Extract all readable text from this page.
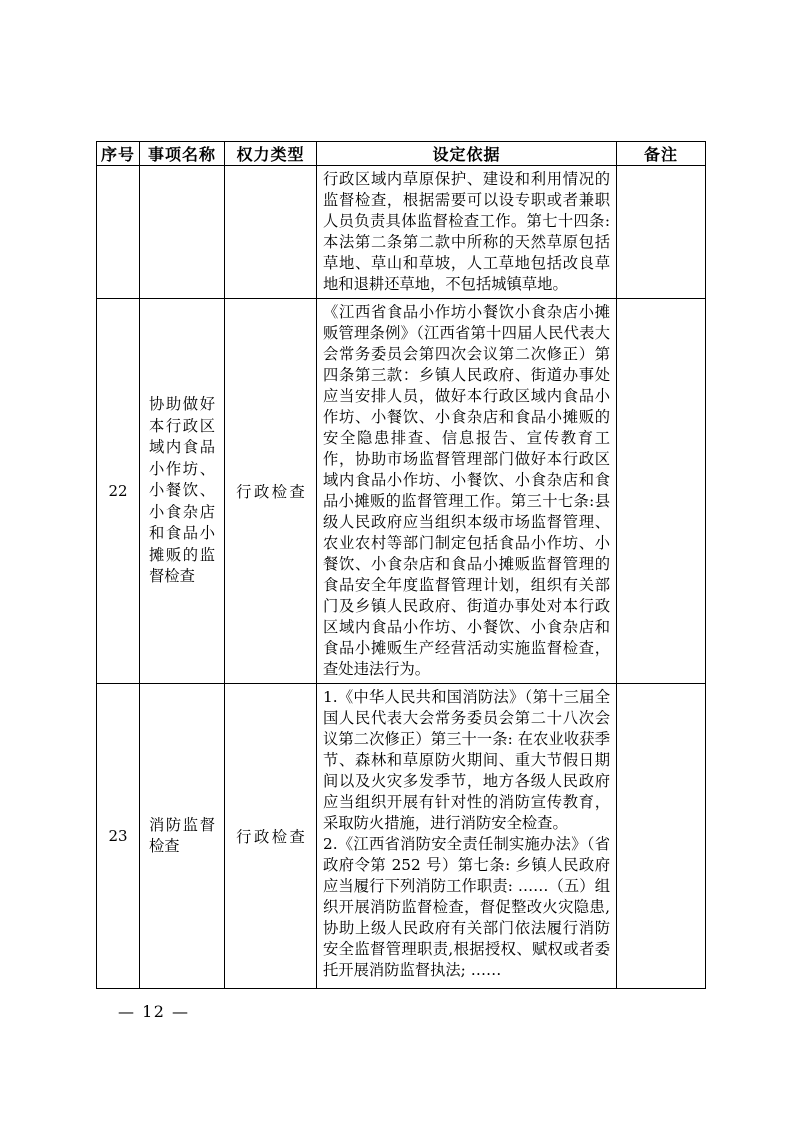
序号	事项名称	权力类型	设定依据	备注

			行政区域内草原保护、建设和利用情况的监督检查，根据需要可以设专职或者兼职人员负责具体监督检查工作。第七十四条:本法第二条第二款中所称的天然草原包括草地、草山和草坡，人工草地包括改良草地和退耕还草地，不包括城镇草地。	

22	协助做好本行政区域内食品小作坊、小餐饮、小食杂店和食品小摊贩的监督检查	行政检查	《江西省食品小作坊小餐饮小食杂店小摊贩管理条例》（江西省第十四届人民代表大会常务委员会第四次会议第二次修正）第四条第三款：乡镇人民政府、街道办事处应当安排人员，做好本行政区域内食品小作坊、小餐饮、小食杂店和食品小摊贩的安全隐患排查、信息报告、宣传教育工作，协助市场监督管理部门做好本行政区域内食品小作坊、小餐饮、小食杂店和食品小摊贩的监督管理工作。第三十七条:县级人民政府应当组织本级市场监督管理、农业农村等部门制定包括食品小作坊、小餐饮、小食杂店和食品小摊贩监督管理的食品安全年度监督管理计划，组织有关部门及乡镇人民政府、街道办事处对本行政区域内食品小作坊、小餐饮、小食杂店和食品小摊贩生产经营活动实施监督检查，查处违法行为。	

23	消防监督检查	行政检查	1.《中华人民共和国消防法》（第十三届全国人民代表大会常务委员会第二十八次会议第二次修正）第三十一条: 在农业收获季节、森林和草原防火期间、重大节假日期间以及火灾多发季节，地方各级人民政府应当组织开展有针对性的消防宣传教育，采取防火措施，进行消防安全检查。

2.《江西省消防安全责任制实施办法》（省政府令第 252 号）第七条: 乡镇人民政府应当履行下列消防工作职责: ……（五）组织开展消防监督检查，督促整改火灾隐患,协助上级人民政府有关部门依法履行消防安全监督管理职责,根据授权、赋权或者委托开展消防监督执法; ……	

— 12 —
